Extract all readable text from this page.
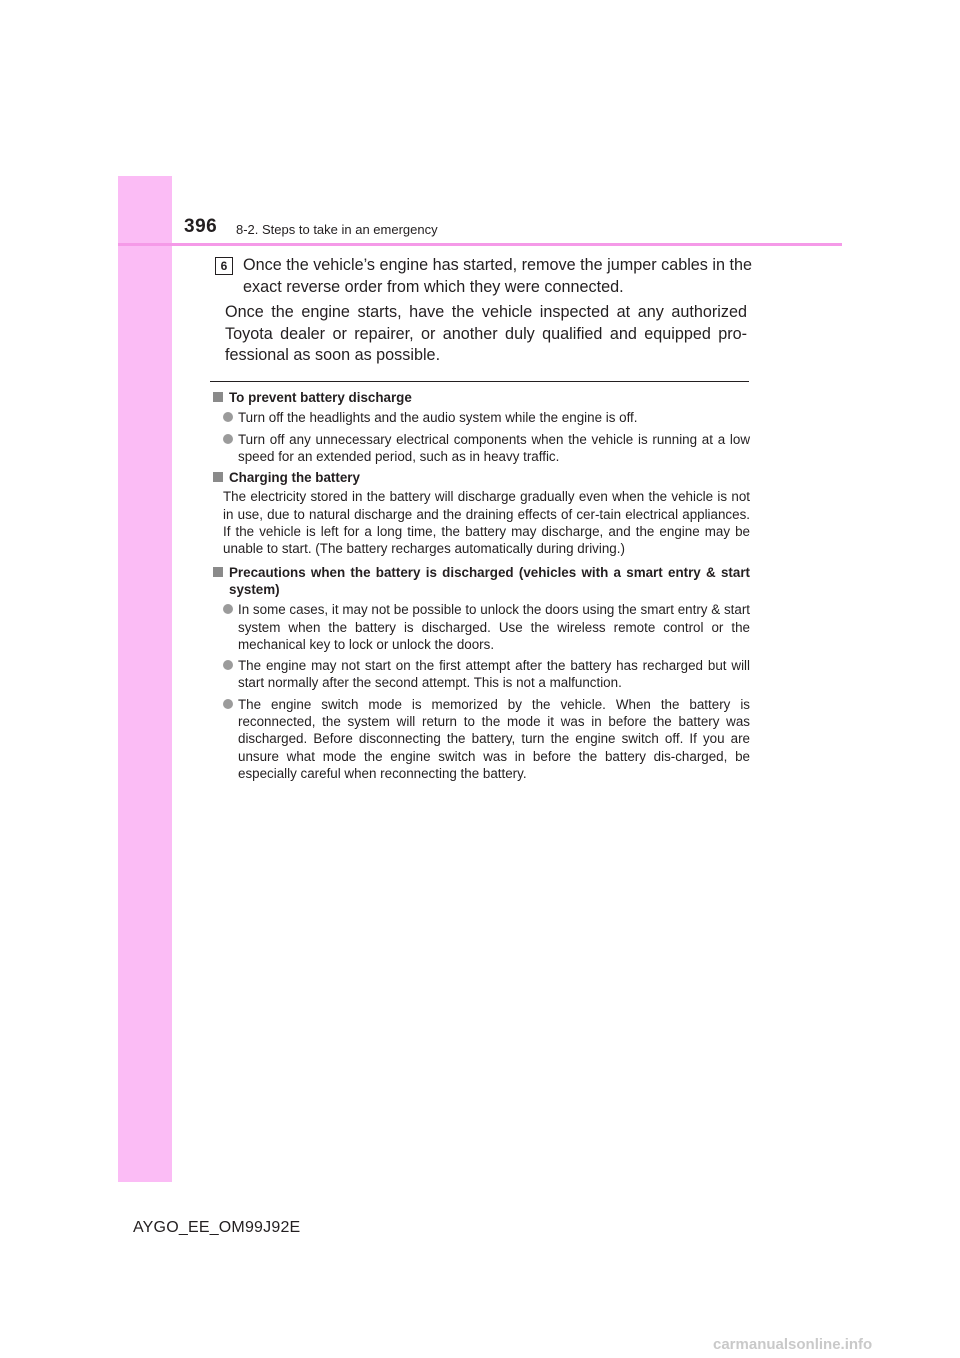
396 8-2. Steps to take in an emergency
6 Once the vehicle’s engine has started, remove the jumper cables in the exact reverse order from which they were connected.
Once the engine starts, have the vehicle inspected at any authorized Toyota dealer or repairer, or another duly qualified and equipped pro-fessional as soon as possible.
To prevent battery discharge
Turn off the headlights and the audio system while the engine is off.
Turn off any unnecessary electrical components when the vehicle is running at a low speed for an extended period, such as in heavy traffic.
Charging the battery
The electricity stored in the battery will discharge gradually even when the vehicle is not in use, due to natural discharge and the draining effects of cer-tain electrical appliances. If the vehicle is left for a long time, the battery may discharge, and the engine may be unable to start. (The battery recharges automatically during driving.)
Precautions when the battery is discharged (vehicles with a smart entry & start system)
In some cases, it may not be possible to unlock the doors using the smart entry & start system when the battery is discharged. Use the wireless remote control or the mechanical key to lock or unlock the doors.
The engine may not start on the first attempt after the battery has recharged but will start normally after the second attempt. This is not a malfunction.
The engine switch mode is memorized by the vehicle. When the battery is reconnected, the system will return to the mode it was in before the battery was discharged. Before disconnecting the battery, turn the engine switch off. If you are unsure what mode the engine switch was in before the battery dis-charged, be especially careful when reconnecting the battery.
AYGO_EE_OM99J92E
carmanualsonline.info
